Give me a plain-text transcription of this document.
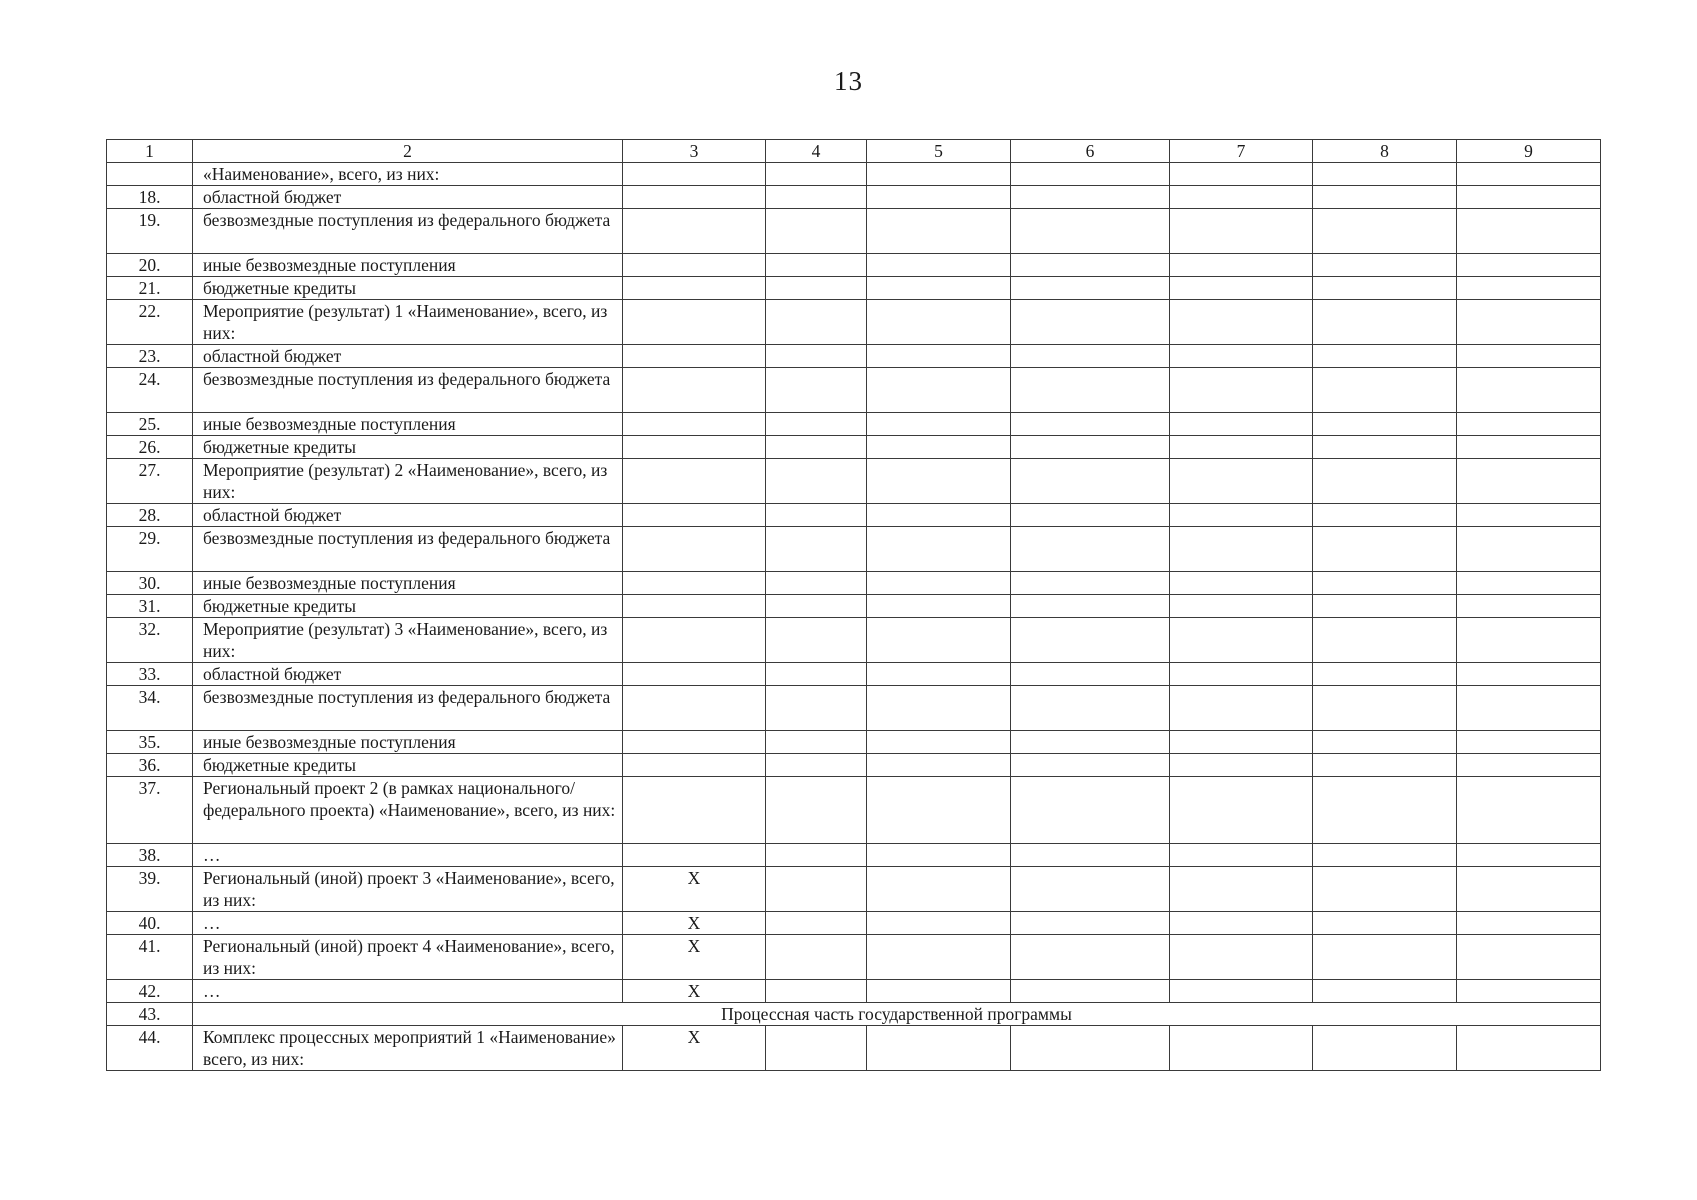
13
1	2	3	4	5	6	7	8	9
	«Наименование», всего, из них:							
18.	областной бюджет							
19.	безвозмездные поступления из федерального бюджета							
20.	иные безвозмездные поступления							
21.	бюджетные кредиты							
22.	Мероприятие (результат) 1 «Наименование», всего, из них:							
23.	областной бюджет							
24.	безвозмездные поступления из федерального бюджета							
25.	иные безвозмездные поступления							
26.	бюджетные кредиты							
27.	Мероприятие (результат) 2 «Наименование», всего, из них:							
28.	областной бюджет							
29.	безвозмездные поступления из федерального бюджета							
30.	иные безвозмездные поступления							
31.	бюджетные кредиты							
32.	Мероприятие (результат) 3 «Наименование», всего, из них:							
33.	областной бюджет							
34.	безвозмездные поступления из федерального бюджета							
35.	иные безвозмездные поступления							
36.	бюджетные кредиты							
37.	Региональный проект 2 (в рамках национального/федерального проекта) «Наименование», всего, из них:							
38.	…							
39.	Региональный (иной) проект 3 «Наименование», всего, из них:	X						
40.	…	X						
41.	Региональный (иной) проект 4 «Наименование», всего, из них:	X						
42.	…	X						
43.	Процессная часть государственной программы							
44.	Комплекс процессных мероприятий 1 «Наименование» всего, из них:	X						
